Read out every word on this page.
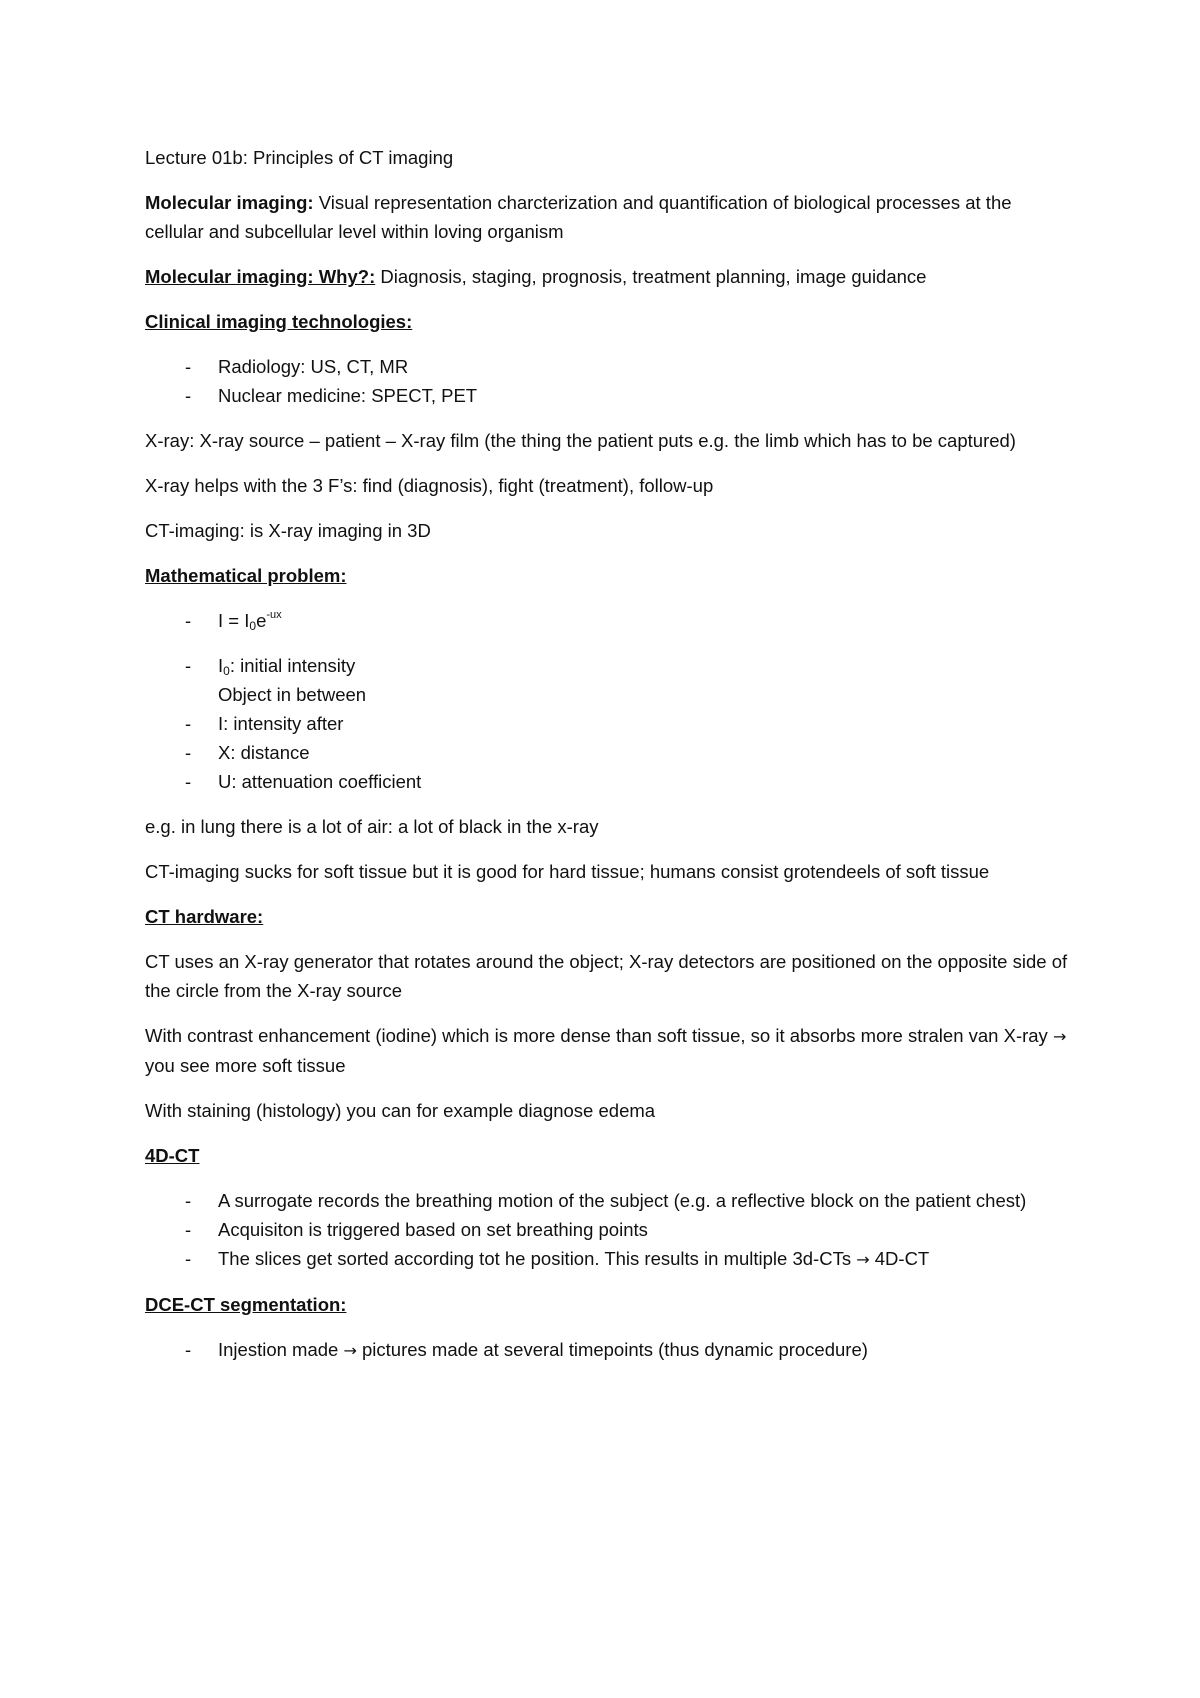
Lecture 01b: Principles of CT imaging

Molecular imaging: Visual representation charcterization and quantification of biological processes at the cellular and subcellular level within loving organism

Molecular imaging: Why?: Diagnosis, staging, prognosis, treatment planning, image guidance

Clinical imaging technologies:

- Radiology: US, CT, MR
- Nuclear medicine: SPECT, PET

X-ray: X-ray source – patient – X-ray film (the thing the patient puts e.g. the limb which has to be captured)

X-ray helps with the 3 F’s: find (diagnosis), fight (treatment), follow-up

CT-imaging: is X-ray imaging in 3D

Mathematical problem:

- $I = I_0e^{-ux}$
- $I_0$: initial intensity
Object in between
- I: intensity after
- X: distance
- U: attenuation coefficient

e.g. in lung there is a lot of air: a lot of black in the x-ray

CT-imaging sucks for soft tissue but it is good for hard tissue; humans consist grotendeels of soft tissue

CT hardware:

CT uses an X-ray generator that rotates around the object; X-ray detectors are positioned on the opposite side of the circle from the X-ray source

With contrast enhancement (iodine) which is more dense than soft tissue, so it absorbs more stralen van X-ray → you see more soft tissue

With staining (histology) you can for example diagnose edema

4D-CT

- A surrogate records the breathing motion of the subject (e.g. a reflective block on the patient chest)
- Acquisiton is triggered based on set breathing points
- The slices get sorted according tot he position. This results in multiple 3d-CTs → 4D-CT

DCE-CT segmentation:

- Injestion made → pictures made at several timepoints (thus dynamic procedure)
